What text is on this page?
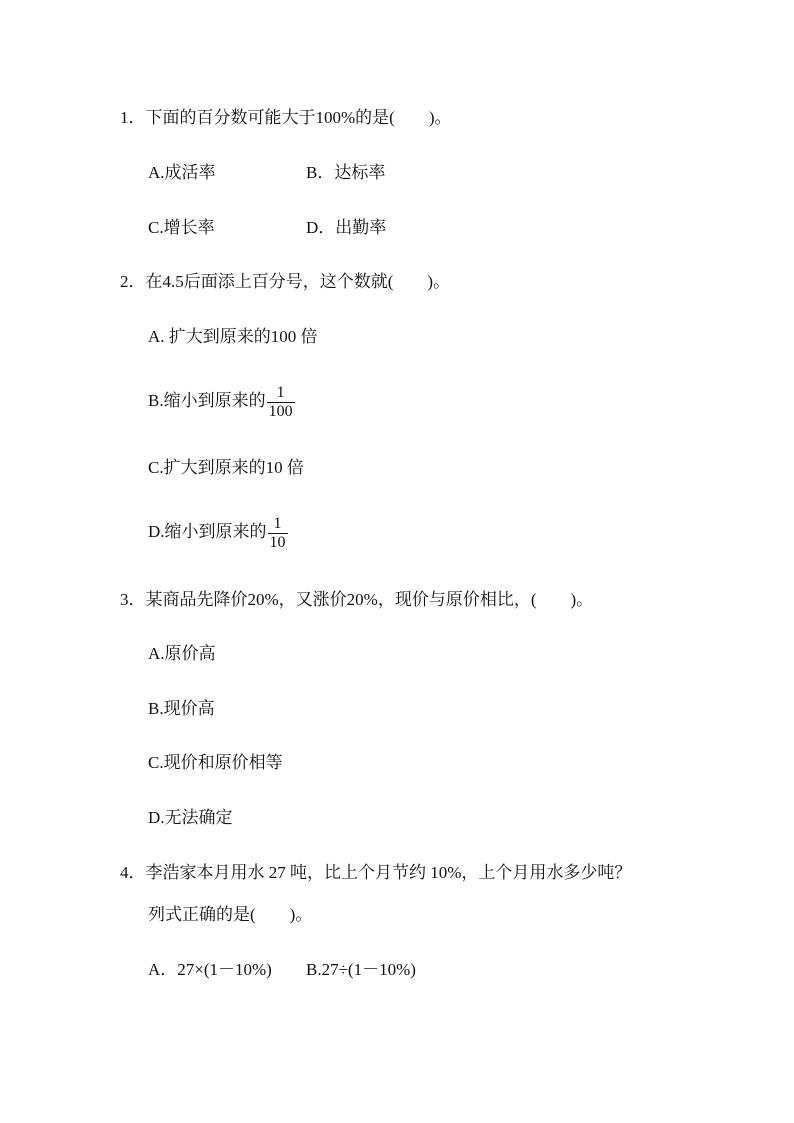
1．下面的百分数可能大于100%的是(　　)。
A.成活率	B．达标率
C.增长率	D．出勤率
2．在4.5后面添上百分号，这个数就(　　)。
A. 扩大到原来的100 倍
B.缩小到原来的 $\frac{1}{100}$
C.扩大到原来的10 倍
D.缩小到原来的 $\frac{1}{10}$
3．某商品先降价20%，又涨价20%，现价与原价相比，(　　)。
A.原价高
B.现价高
C.现价和原价相等
D.无法确定
4．李浩家本月用水 27 吨，比上个月节约 10%，上个月用水多少吨？
列式正确的是(　　)。
A．27×(1－10%) B.27÷(1－10%)
